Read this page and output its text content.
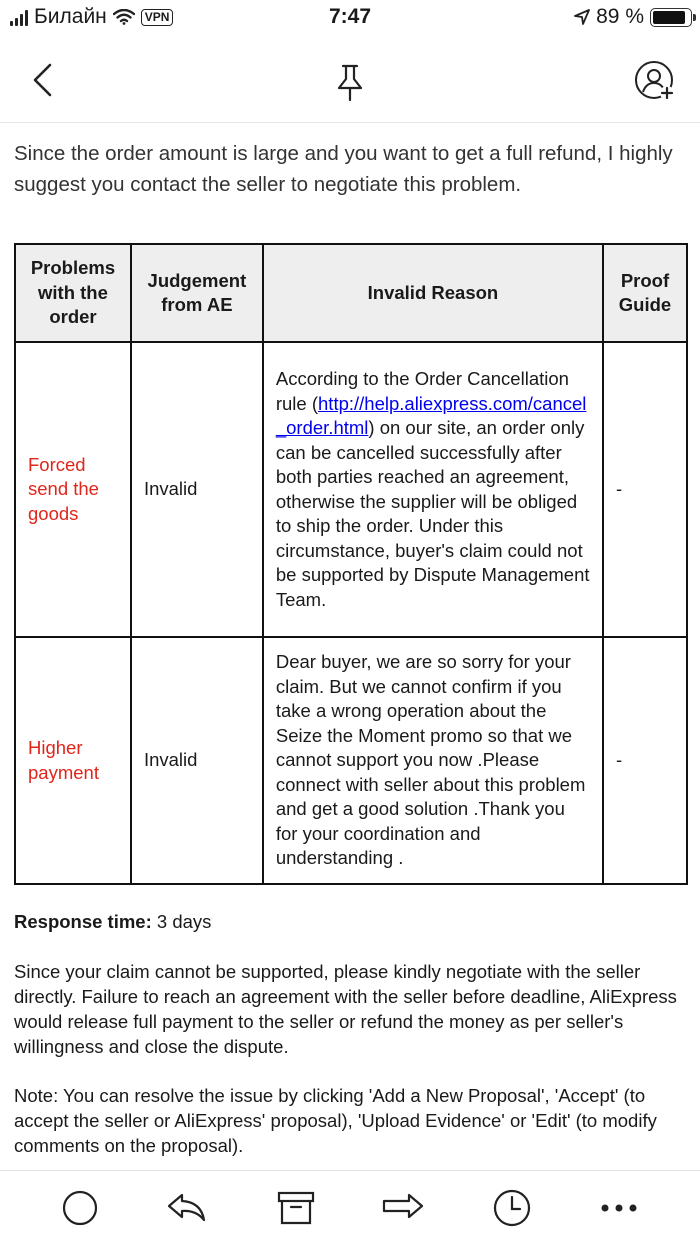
Билайн	VPN	7:47	89 %

Since the order amount is large and you want to get a full refund, I highly suggest you contact the seller to negotiate this problem.

Problems with the order	Judgement from AE	Invalid Reason	Proof Guide
Forced send the goods	Invalid	According to the Order Cancellation rule (http://help.aliexpress.com/cancel_order.html) on our site, an order only can be cancelled successfully after both parties reached an agreement, otherwise the supplier will be obliged to ship the order. Under this circumstance, buyer's claim could not be supported by Dispute Management Team.	-
Higher payment	Invalid	Dear buyer, we are so sorry for your claim. But we cannot confirm if you take a wrong operation about the Seize the Moment promo so that we cannot support you now .Please connect with seller about this problem and get a good solution .Thank you for your coordination and understanding .	-
Response time: 3 days
Since your claim cannot be supported, please kindly negotiate with the seller directly. Failure to reach an agreement with the seller before deadline, AliExpress would release full payment to the seller or refund the money as per seller's willingness and close the dispute.
Note: You can resolve the issue by clicking 'Add a New Proposal', 'Accept' (to accept the seller or AliExpress' proposal), 'Upload Evidence' or 'Edit' (to modify comments on the proposal).
